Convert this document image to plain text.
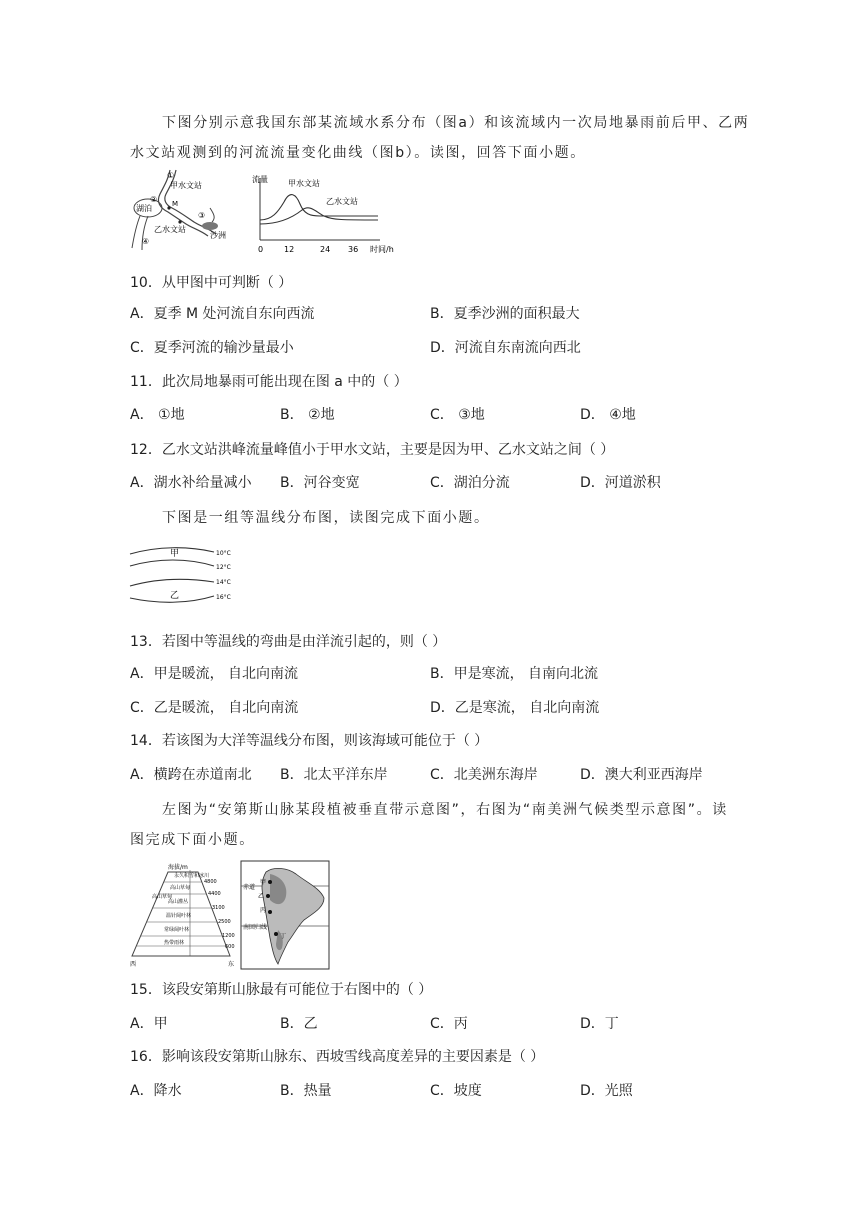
下图分别示意我国东部某流域水系分布（图a）和该流域内一次局地暴雨前后甲、乙两
水文站观测到的河流流量变化曲线（图b）。读图，回答下面小题。
①
甲水文站
②
③
④
乙水文站
湖泊	M
沙洲
流量
时间/h
0	12	24 36
甲水文站
乙水文站
10．从甲图中可判断（ ）
A．夏季 M 处河流自东向西流	B．夏季沙洲的面积最大
C．夏季河流的输沙量最小	D．河流自东南流向西北
11．此次局地暴雨可能出现在图 a 中的（ ）
A． ①地	B． ②地	C． ③地	D． ④地
12．乙水文站洪峰流量峰值小于甲水文站，主要是因为甲、乙水文站之间（ ）
A．湖水补给量减小 B．河谷变宽	C．湖泊分流	D．河道淤积
下图是一组等温线分布图，读图完成下面小题。
甲
乙
10°C
12°C
14°C
16°C
13．若图中等温线的弯曲是由洋流引起的，则（ ）
A．甲是暖流， 自北向南流	B．甲是寒流， 自南向北流
C．乙是暖流， 自北向南流	D．乙是寒流， 自北向南流
14．若该图为大洋等温线分布图，则该海域可能位于（ ）
A．横跨在赤道南北 B．北太平洋东岸	C．北美洲东海岸	D．澳大利亚西海岸
左图为“安第斯山脉某段植被垂直带示意图”，右图为“南美洲气候类型示意图”。读
图完成下面小题。
海拔/m
永久积雪和冰川
高山草甸
高山灌丛
温针阔叶林
常绿阔叶林
热带雨林
4800
4400
3100
2500
1200
600
西	东
高山草甸
赤道
甲
乙
丙
丁
南回归线
15．该段安第斯山脉最有可能位于右图中的（ ）
A．甲	B．乙	C．丙	D．丁
16．影响该段安第斯山脉东、西坡雪线高度差异的主要因素是（ ）
A．降水	B．热量	C．坡度	D．光照
